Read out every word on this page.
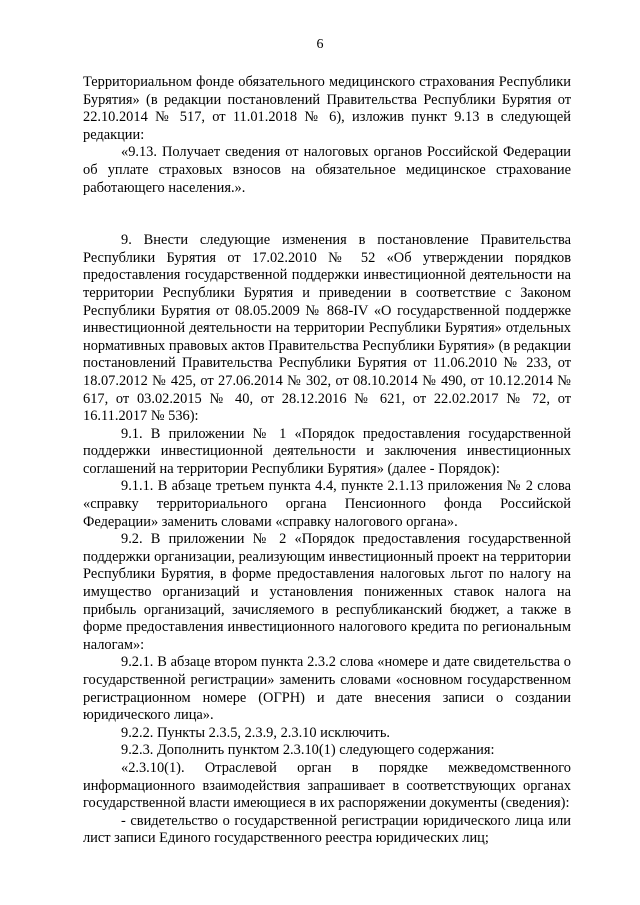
6

Территориальном фонде обязательного медицинского страхования Республики Бурятия» (в редакции постановлений Правительства Республики Бурятия от 22.10.2014 № 517, от 11.01.2018 № 6), изложив пункт 9.13 в следующей редакции:

«9.13. Получает сведения от налоговых органов Российской Федерации об уплате страховых взносов на обязательное медицинское страхование работающего населения.».

9. Внести следующие изменения в постановление Правительства Республики Бурятия от 17.02.2010 № 52 «Об утверждении порядков предоставления государственной поддержки инвестиционной деятельности на территории Республики Бурятия и приведении в соответствие с Законом Республики Бурятия от 08.05.2009 № 868-IV «О государственной поддержке инвестиционной деятельности на территории Республики Бурятия» отдельных нормативных правовых актов Правительства Республики Бурятия» (в редакции постановлений Правительства Республики Бурятия от 11.06.2010 № 233, от 18.07.2012 № 425, от 27.06.2014 № 302, от 08.10.2014 № 490, от 10.12.2014 № 617, от 03.02.2015 № 40, от 28.12.2016 № 621, от 22.02.2017 № 72, от 16.11.2017 № 536):

9.1. В приложении № 1 «Порядок предоставления государственной поддержки инвестиционной деятельности и заключения инвестиционных соглашений на территории Республики Бурятия» (далее - Порядок):

9.1.1. В абзаце третьем пункта 4.4, пункте 2.1.13 приложения № 2 слова «справку территориального органа Пенсионного фонда Российской Федерации» заменить словами «справку налогового органа».

9.2. В приложении № 2 «Порядок предоставления государственной поддержки организации, реализующим инвестиционный проект на территории Республики Бурятия, в форме предоставления налоговых льгот по налогу на имущество организаций и установления пониженных ставок налога на прибыль организаций, зачисляемого в республиканский бюджет, а также в форме предоставления инвестиционного налогового кредита по региональным налогам»:

9.2.1. В абзаце втором пункта 2.3.2 слова «номере и дате свидетельства о государственной регистрации» заменить словами «основном государственном регистрационном номере (ОГРН) и дате внесения записи о создании юридического лица».

9.2.2. Пункты 2.3.5, 2.3.9, 2.3.10 исключить.

9.2.3. Дополнить пунктом 2.3.10(1) следующего содержания:

«2.3.10(1). Отраслевой орган в порядке межведомственного информационного взаимодействия запрашивает в соответствующих органах государственной власти имеющиеся в их распоряжении документы (сведения):

- свидетельство о государственной регистрации юридического лица или лист записи Единого государственного реестра юридических лиц;
